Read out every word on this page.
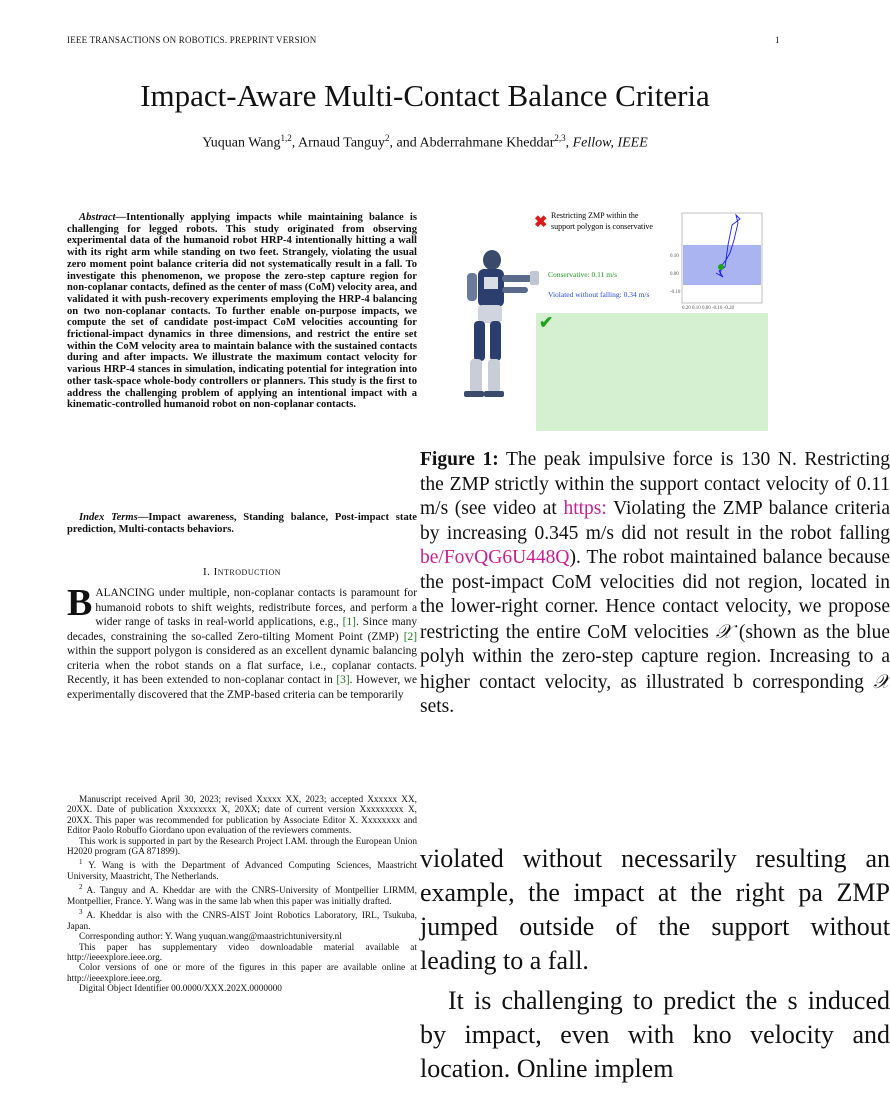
IEEE TRANSACTIONS ON ROBOTICS. PREPRINT VERSION	1
Impact-Aware Multi-Contact Balance Criteria
Yuquan Wang$^{1,2}$, Arnaud Tanguy$^2$, and Abderrahmane Kheddar$^{2,3}$, Fellow, IEEE
Abstract—Intentionally applying impacts while maintaining balance is challenging for legged robots. This study originated from observing experimental data of the humanoid robot HRP-4 intentionally hitting a wall with its right arm while standing on two feet. Strangely, violating the usual zero moment point balance criteria did not systematically result in a fall. To investigate this phenomenon, we propose the zero-step capture region for non-coplanar contacts, defined as the center of mass (CoM) velocity area, and validated it with push-recovery experiments employing the HRP-4 balancing on two non-coplanar contacts. To further enable on-purpose impacts, we compute the set of candidate post-impact CoM velocities accounting for frictional-impact dynamics in three dimensions, and restrict the entire set within the CoM velocity area to maintain balance with the sustained contacts during and after impacts. We illustrate the maximum contact velocity for various HRP-4 stances in simulation, indicating potential for integration into other task-space whole-body controllers or planners. This study is the first to address the challenging problem of applying an intentional impact with a kinematic-controlled humanoid robot on non-coplanar contacts.
Index Terms—Impact awareness, Standing balance, Post-impact state prediction, Multi-contacts behaviors.
I. Introduction
BALANCING under multiple, non-coplanar contacts is paramount for humanoid robots to shift weights, redistribute forces, and perform a wider range of tasks in real-world applications, e.g., [1]. Since many decades, constraining the so-called Zero-tilting Moment Point (ZMP) [2] within the support polygon is considered as an excellent dynamic balancing criteria when the robot stands on a flat surface, i.e., coplanar contacts. Recently, it has been extended to non-coplanar contact in [3]. However, we experimentally discovered that the ZMP-based criteria can be temporarily

Manuscript received April 30, 2023; revised Xxxxx XX, 2023; accepted Xxxxxx XX, 20XX. Date of publication Xxxxxxxx X, 20XX; date of current version Xxxxxxxxx X, 20XX. This paper was recommended for publication by Associate Editor X. Xxxxxxxx and Editor Paolo Robuffo Giordano upon evaluation of the reviewers comments.

This work is supported in part by the Research Project I.AM. through the European Union H2020 program (GA 871899).

$^1$ Y. Wang is with the Department of Advanced Computing Sciences, Maastricht University, Maastricht, The Netherlands.

$^2$ A. Tanguy and A. Kheddar are with the CNRS-University of Montpellier LIRMM, Montpellier, France. Y. Wang was in the same lab when this paper was initially drafted.

$^3$ A. Kheddar is also with the CNRS-AIST Joint Robotics Laboratory, IRL, Tsukuba, Japan.

Corresponding author: Y. Wang yuquan.wang@maastrichtuniversity.nl

This paper has supplementary video downloadable material available at http://ieeexplore.ieee.org.

Color versions of one or more of the figures in this paper are available online at http://ieeexplore.ieee.org.

Digital Object Identifier 00.0000/XXX.202X.0000000

✖ Restricting ZMP within the
support polygon is conservative
0.10
0.00
-0.10
0.20 0.10 0.00 -0.10 -0.20
Conservative: 0.11 m/s
Violated without falling: 0.34 m/s
✔
Figure 1: The peak impulsive force is 130 N. Restricting the ZMP strictly within the support contact velocity of 0.11 m/s (see video at https: Violating the ZMP balance criteria by increasing 0.345 m/s did not result in the robot falling be/FovQG6U448Q). The robot maintained balance because the post-impact CoM velocities did not region, located in the lower-right corner. Hence contact velocity, we propose restricting the entire CoM velocities 𝒳 (shown as the blue polyh within the zero-step capture region. Increasing to a higher contact velocity, as illustrated b corresponding 𝒳 sets.

violated without necessarily resulting an example, the impact at the right pa ZMP jumped outside of the support without leading to a fall.

It is challenging to predict the s induced by impact, even with kno velocity and location. Online implem
